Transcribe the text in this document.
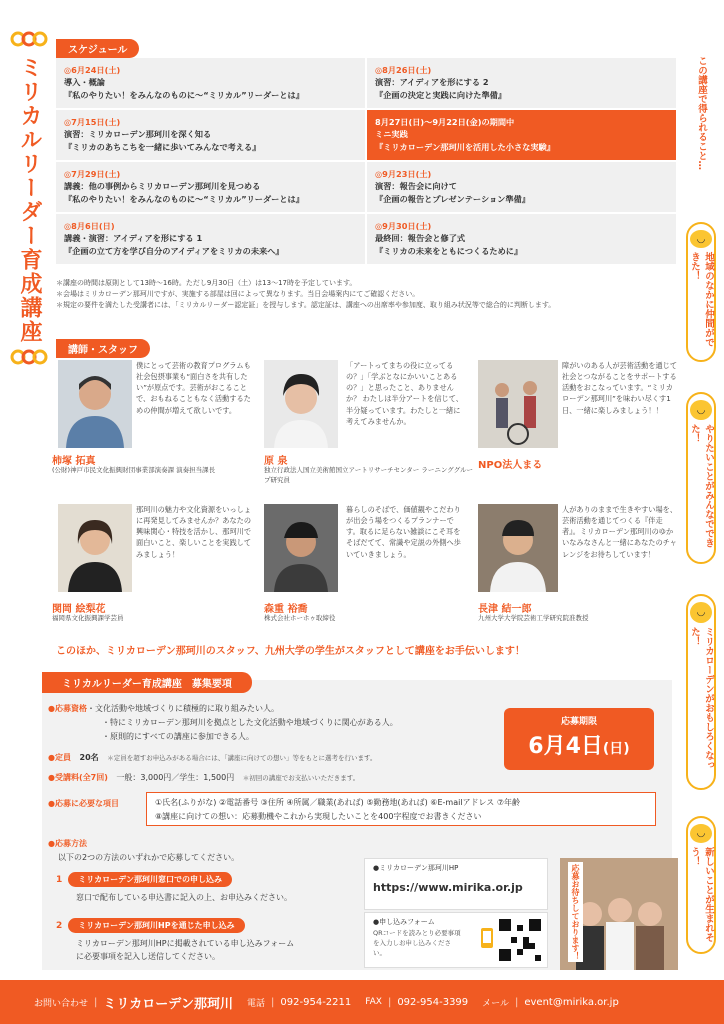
ミリカルリーダー育成講座
スケジュール
◎6月24日(土)
導入・概論
『私のやりたい！をみんなのものに〜“ミリカル”リーダーとは』
◎8月26日(土)
演習：アイディアを形にする 2
『企画の決定と実践に向けた準備』
◎7月15日(土)
演習：ミリカローデン那珂川を深く知る
『ミリカのあちこちを一緒に歩いてみんなで考える』
8月27日(日)〜9月22日(金)の期間中
ミニ実践
『ミリカローデン那珂川を活用した小さな実験』
◎7月29日(土)
講義：他の事例からミリカローデン那珂川を見つめる
『私のやりたい！をみんなのものに〜“ミリカル”リーダーとは』
◎9月23日(土)
演習：報告会に向けて
『企画の報告とプレゼンテーション準備』
◎8月6日(日)
講義・演習：アイディアを形にする 1
『企画の立て方を学び自分のアイディアをミリカの未来へ』
◎9月30日(土)
最終回：報告会と修了式
『ミリカの未来をともにつくるために』
＊講座の時間は原則として13時〜16時。ただし9月30日（土）は13〜17時を予定しています。
＊会場はミリカローデン那珂川ですが、実施する部屋は回によって異なります。当日会場案内にてご確認ください。
＊規定の要件を満たした受講者には、「ミリカルリーダー認定証」を授与します。認定証は、講座への出席率や参加度、取り組み状況等で総合的に判断します。
講師・スタッフ
僕にとって芸術の教育プログラムも社会包摂事業も“面白さを共有したい”が原点です。芸術がおこることで、おもねることもなく活動するための仲間が増えて欲しいです。
柿塚 拓真
(公財)神戸市民文化振興財団事業部演奏課 演奏担当課長
「アートってまちの役に立ってるの？」「学ぶとなにかいいことあるの？」と思ったこと、ありませんか？ わたしは半分アートを信じて、半分疑っています。わたしと一緒に考えてみませんか。
原 泉
独立行政法人国立美術館国立アートリサーチセンター ラーニンググループ研究員
障がいのある人が芸術活動を通じて社会とつながることをサポートする活動をおこなっています。“ミリカローデン那珂川”を味わい尽くす1日、一緒に楽しみましょう！！
NPO法人まる
那珂川の魅力や文化資源をいっしょに再発見してみませんか？あなたの興味関心・特技を活かし、那珂川で面白いこと、楽しいことを実践してみましょう！
関岡 絵梨花
福岡県文化振興課学芸員
暮らしのそばで、価値観やこだわりが出会う場をつくるプランナーです。取るに足らない雑談にこそ耳をそばだてて、常識や定説の外側へ歩いていきましょう。
森重 裕喬
株式会社ホーホゥ取締役
人がありのままで生きやすい場を、芸術活動を通じてつくる『伴走者』。ミリカローデン那珂川のゆかいなみなさんと一緒にあなたのチャレンジをお待ちしています！
長津 結一郎
九州大学大学院芸術工学研究院准教授
このほか、ミリカローデン那珂川のスタッフ、九州大学の学生がスタッフとして講座をお手伝いします！
ミリカルリーダー育成講座　募集要項
●応募資格・文化活動や地域づくりに積極的に取り組みたい人。
・特にミリカローデン那珂川を拠点とした文化活動や地域づくりに関心がある人。
・原則的にすべての講座に参加できる人。
●定員 20名 ＊定員を超すお申込みがある場合には、「講座に向けての想い」等をもとに選考を行います。
●受講料(全7回) 一般：3,000円／学生：1,500円 ＊初回の講座でお支払いいただきます。
●応募に必要な項目	①氏名(ふりがな) ②電話番号 ③住所 ④所属／職業(あれば) ⑤勤務地(あれば) ⑥E-mailアドレス ⑦年齢
⑧講座に向けての想い：応募動機やこれから実現したいことを400字程度でお書きください
応募期限
6月4日(日)
●応募方法
以下の2つの方法のいずれかで応募してください。
1	ミリカローデン那珂川窓口での申し込み
窓口で配布している申込書に記入の上、お申込みください。
2	ミリカローデン那珂川HPを通じた申し込み
ミリカローデン那珂川HPに掲載されている申し込みフォーム
に必要事項を記入し送信してください。
●ミリカローデン那珂川HP
https://www.mirika.or.jp
●申し込みフォーム
QRコードを読みとり必要事項を入力しお申し込みください。	応募お待ちしております！
この講座で得られること…
◡
地域のなかに仲間ができた！
◡
やりたいことがみんなでできた！
◡
ミリカローデンがおもしろくなった！
◡
新しいことが生まれそう！
お問い合わせ | ミリカローデン那珂川 電話 | 092-954-2211 FAX | 092-954-3399 メール | event@mirika.or.jp
